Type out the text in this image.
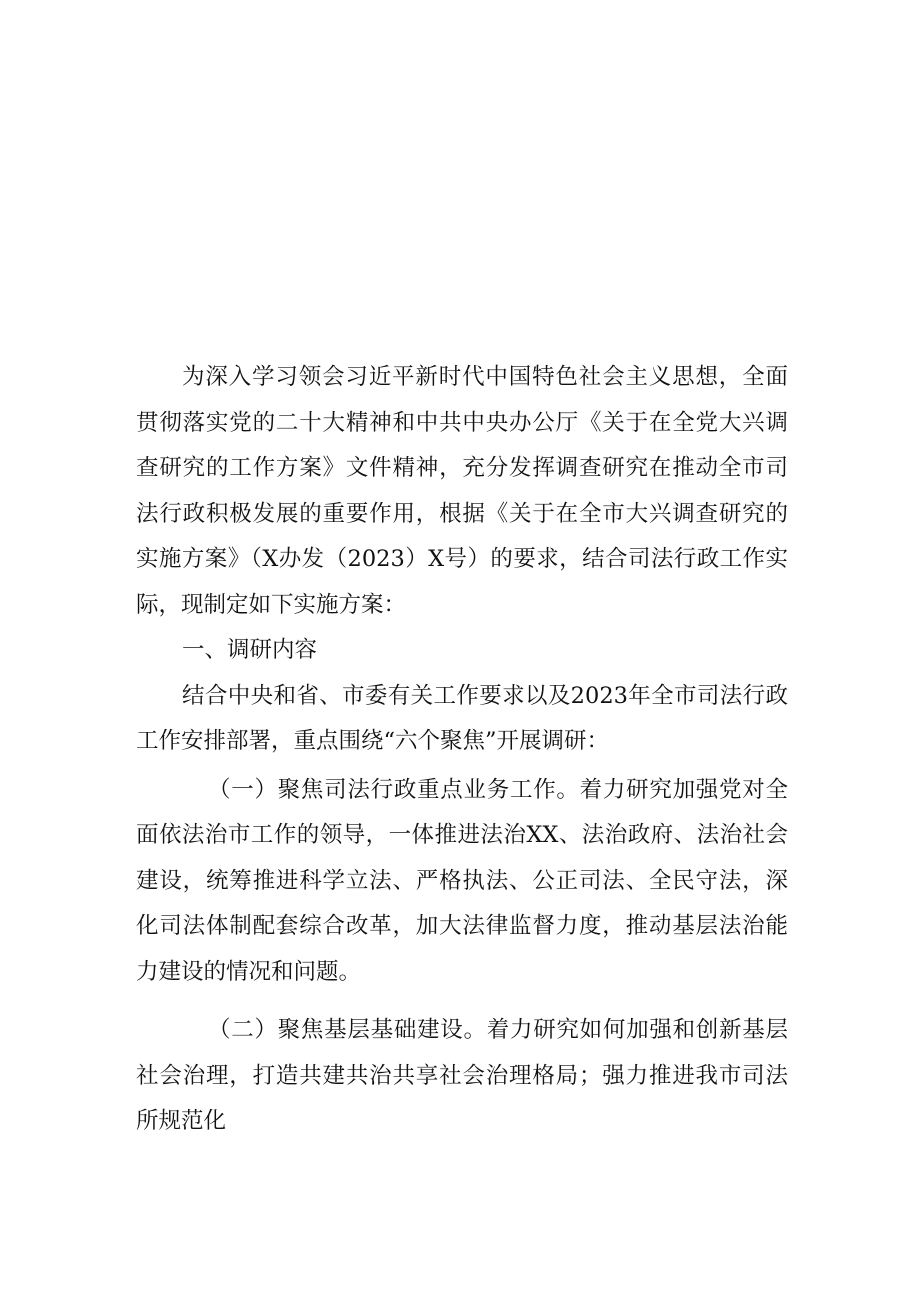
为深入学习领会习近平新时代中国特色社会主义思想，全面贯彻落实党的二十大精神和中共中央办公厅《关于在全党大兴调查研究的工作方案》文件精神，充分发挥调查研究在推动全市司法行政积极发展的重要作用，根据《关于在全市大兴调查研究的实施方案》（X办发（2023）X号）的要求，结合司法行政工作实际，现制定如下实施方案：

一、调研内容

结合中央和省、市委有关工作要求以及2023年全市司法行政工作安排部署，重点围绕“六个聚焦”开展调研：

（一）聚焦司法行政重点业务工作。着力研究加强党对全面依法治市工作的领导，一体推进法治XX、法治政府、法治社会建设，统筹推进科学立法、严格执法、公正司法、全民守法，深化司法体制配套综合改革，加大法律监督力度，推动基层法治能力建设的情况和问题。

（二）聚焦基层基础建设。着力研究如何加强和创新基层社会治理，打造共建共治共享社会治理格局；强力推进我市司法所规范化
